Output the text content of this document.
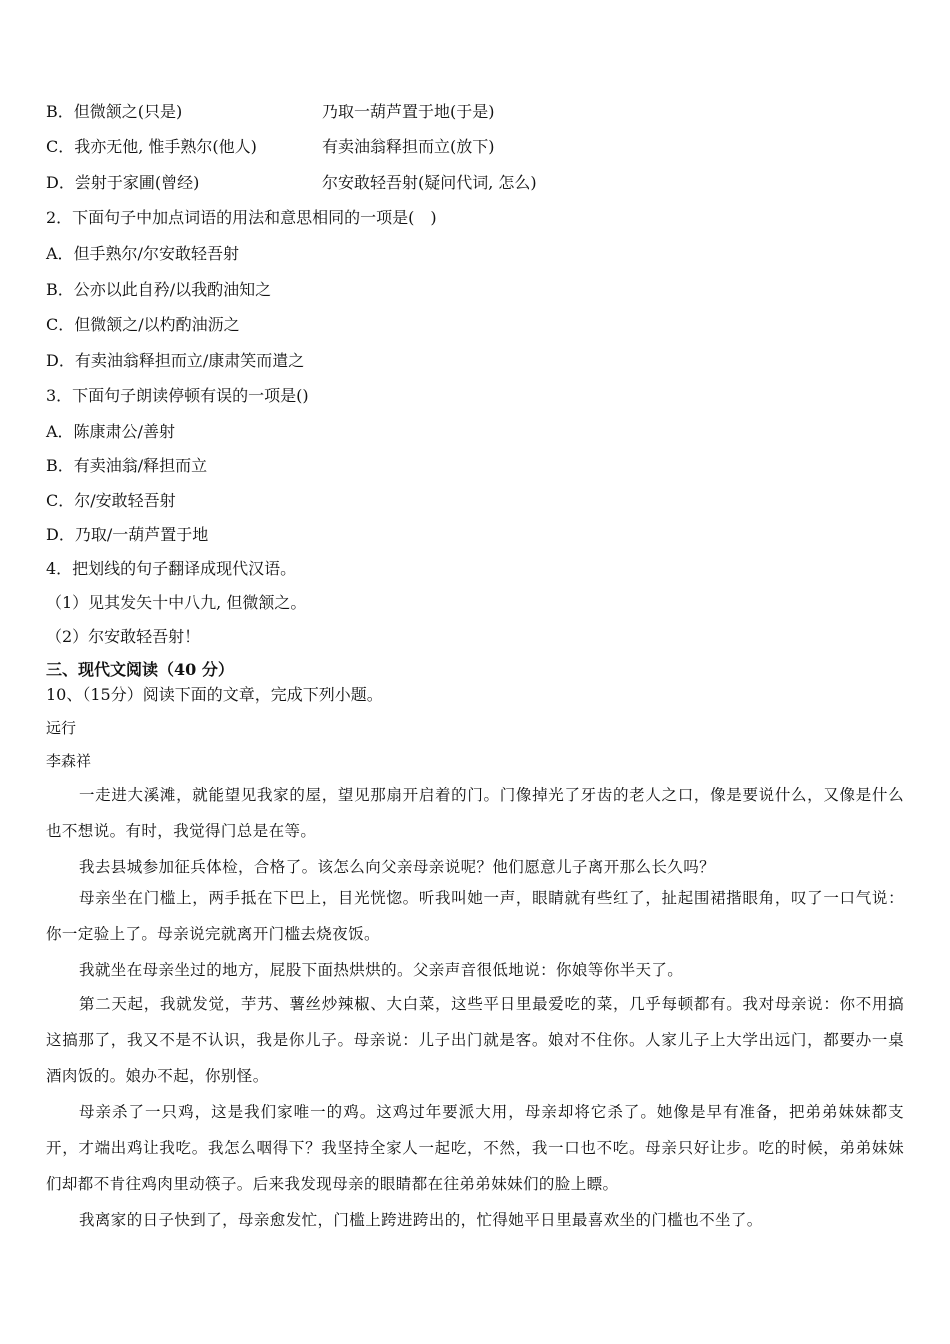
B．但微颔之(只是)	乃取一葫芦置于地(于是)
C．我亦无他, 惟手熟尔(他人)	有卖油翁释担而立(放下)
D．尝射于家圃(曾经)	尔安敢轻吾射(疑问代词, 怎么)
2．下面句子中加点词语的用法和意思相同的一项是(　)
A．但手熟尔/尔安敢轻吾射
B．公亦以此自矜/以我酌油知之
C．但微颔之/以杓酌油沥之
D．有卖油翁释担而立/康肃笑而遣之
3．下面句子朗读停顿有误的一项是()
A．陈康肃公/善射
B．有卖油翁/释担而立
C．尔/安敢轻吾射
D．乃取/一葫芦置于地
4．把划线的句子翻译成现代汉语。
（1）见其发矢十中八九, 但微颔之。
（2）尔安敢轻吾射！
三、现代文阅读（40 分）
10、（15分）阅读下面的文章，完成下列小题。
远行
李森祥
一走进大溪滩，就能望见我家的屋，望见那扇开启着的门。门像掉光了牙齿的老人之口，像是要说什么，又像是什么也不想说。有时，我觉得门总是在等。
我去县城参加征兵体检，合格了。该怎么向父亲母亲说呢？他们愿意儿子离开那么长久吗？
母亲坐在门槛上，两手抵在下巴上，目光恍惚。听我叫她一声，眼睛就有些红了，扯起围裙揩眼角，叹了一口气说：你一定验上了。母亲说完就离开门槛去烧夜饭。
我就坐在母亲坐过的地方，屁股下面热烘烘的。父亲声音很低地说：你娘等你半天了。
第二天起，我就发觉，芋艿、薯丝炒辣椒、大白菜，这些平日里最爱吃的菜，几乎每顿都有。我对母亲说：你不用搞这搞那了，我又不是不认识，我是你儿子。母亲说：儿子出门就是客。娘对不住你。人家儿子上大学出远门，都要办一桌酒肉饭的。娘办不起，你别怪。
母亲杀了一只鸡，这是我们家唯一的鸡。这鸡过年要派大用，母亲却将它杀了。她像是早有准备，把弟弟妹妹都支开，才端出鸡让我吃。我怎么咽得下？我坚持全家人一起吃，不然，我一口也不吃。母亲只好让步。吃的时候，弟弟妹妹们却都不肯往鸡肉里动筷子。后来我发现母亲的眼睛都在往弟弟妹妹们的脸上瞟。
我离家的日子快到了，母亲愈发忙，门槛上跨进跨出的，忙得她平日里最喜欢坐的门槛也不坐了。
